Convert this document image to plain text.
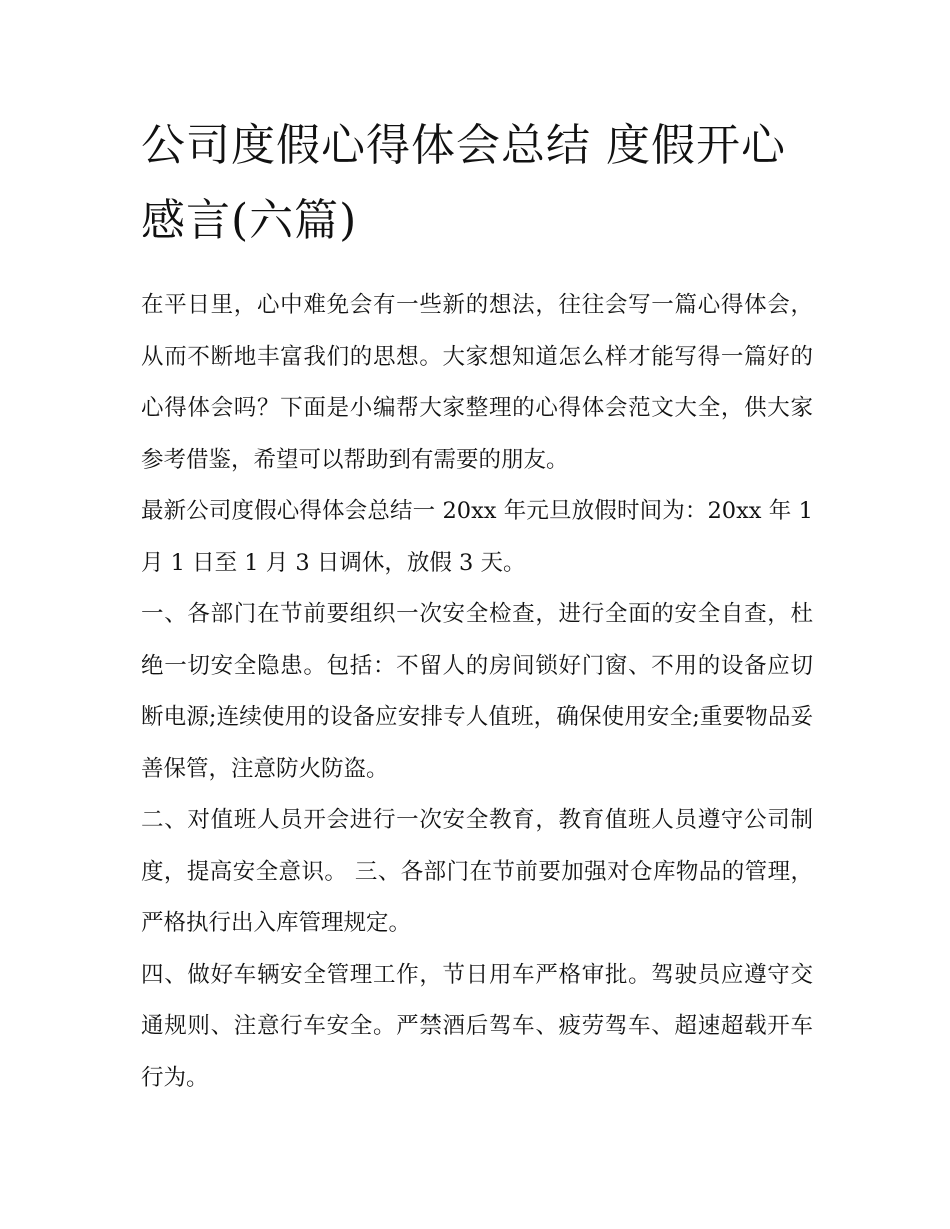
公司度假心得体会总结 度假开心感言(六篇)

在平日里，心中难免会有一些新的想法，往往会写一篇心得体会，从而不断地丰富我们的思想。大家想知道怎么样才能写得一篇好的心得体会吗？下面是小编帮大家整理的心得体会范文大全，供大家参考借鉴，希望可以帮助到有需要的朋友。

最新公司度假心得体会总结一 20xx 年元旦放假时间为：20xx 年 1 月 1 日至 1 月 3 日调休，放假 3 天。

一、各部门在节前要组织一次安全检查，进行全面的安全自查，杜绝一切安全隐患。包括：不留人的房间锁好门窗、不用的设备应切断电源;连续使用的设备应安排专人值班，确保使用安全;重要物品妥善保管，注意防火防盗。

二、对值班人员开会进行一次安全教育，教育值班人员遵守公司制度，提高安全意识。 三、各部门在节前要加强对仓库物品的管理，严格执行出入库管理规定。

四、做好车辆安全管理工作，节日用车严格审批。驾驶员应遵守交通规则、注意行车安全。严禁酒后驾车、疲劳驾车、超速超载开车行为。
